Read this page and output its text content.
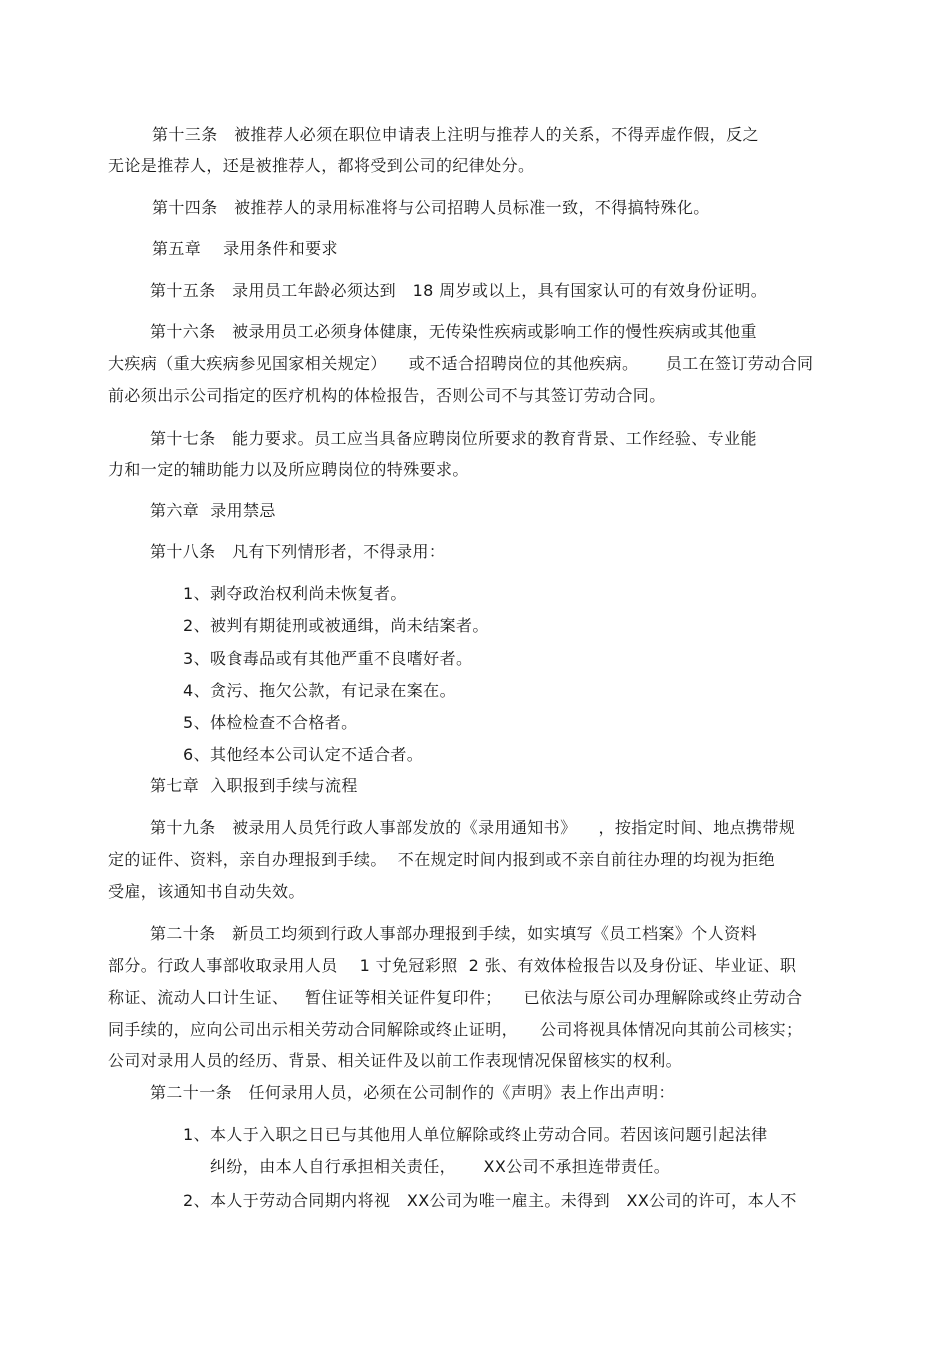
第十三条 被推荐人必须在职位申请表上注明与推荐人的关系，不得弄虚作假，反之
无论是推荐人，还是被推荐人，都将受到公司的纪律处分。
第十四条 被推荐人的录用标准将与公司招聘人员标准一致，不得搞特殊化。
第五章 录用条件和要求
第十五条 录用员工年龄必须达到 18 周岁或以上，具有国家认可的有效身份证明。
第十六条 被录用员工必须身体健康，无传染性疾病或影响工作的慢性疾病或其他重
大疾病（重大疾病参见国家相关规定） 或不适合招聘岗位的其他疾病。 员工在签订劳动合同
前必须出示公司指定的医疗机构的体检报告，否则公司不与其签订劳动合同。
第十七条 能力要求。员工应当具备应聘岗位所要求的教育背景、工作经验、专业能
力和一定的辅助能力以及所应聘岗位的特殊要求。
第六章 录用禁忌
第十八条 凡有下列情形者，不得录用：
1、剥夺政治权利尚未恢复者。
2、被判有期徒刑或被通缉，尚未结案者。
3、吸食毒品或有其他严重不良嗜好者。
4、贪污、拖欠公款，有记录在案在。
5、体检检查不合格者。
6、其他经本公司认定不适合者。
第七章 入职报到手续与流程
第十九条 被录用人员凭行政人事部发放的《录用通知书》 ，按指定时间、地点携带规
定的证件、资料，亲自办理报到手续。 不在规定时间内报到或不亲自前往办理的均视为拒绝
受雇，该通知书自动失效。
第二十条 新员工均须到行政人事部办理报到手续，如实填写《员工档案》个人资料
部分。行政人事部收取录用人员 1 寸免冠彩照 2 张、有效体检报告以及身份证、毕业证、职
称证、流动人口计生证、 暂住证等相关证件复印件； 已依法与原公司办理解除或终止劳动合
同手续的，应向公司出示相关劳动合同解除或终止证明， 公司将视具体情况向其前公司核实；
公司对录用人员的经历、背景、相关证件及以前工作表现情况保留核实的权利。
第二十一条 任何录用人员，必须在公司制作的《声明》表上作出声明：
1、本人于入职之日已与其他用人单位解除或终止劳动合同。若因该问题引起法律
纠纷，由本人自行承担相关责任， XX公司不承担连带责任。
2、本人于劳动合同期内将视 XX公司为唯一雇主。未得到 XX公司的许可，本人不
